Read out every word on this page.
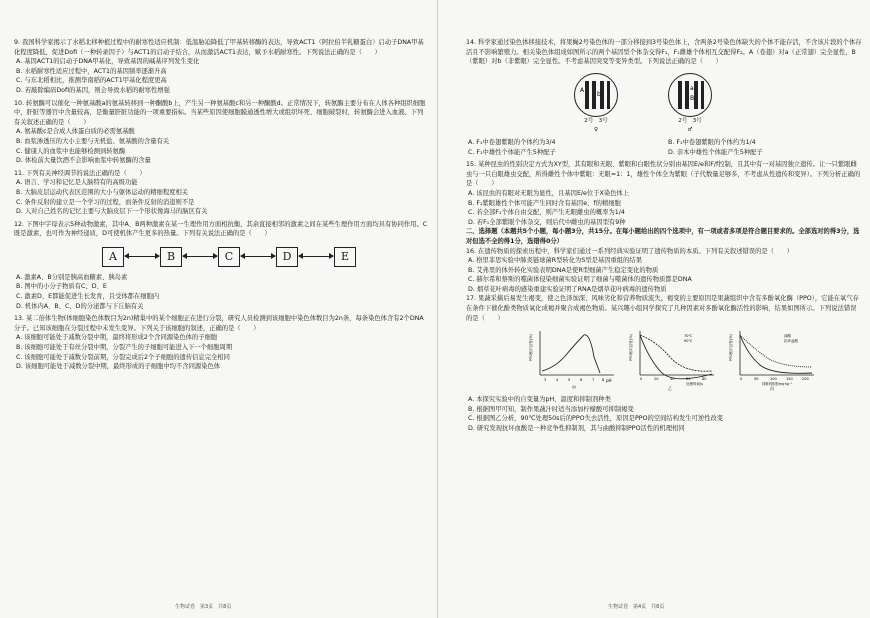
9. 我国科学家揭示了水稻北移种植过程中的耐寒性适应机制：低温胁迫降低了甲基转移酶的表达，导致ACT1（阿拉伯半乳糖蛋白）启动子DNA甲基化程度降低，促进DofI（一种转录因子）与ACT1的启动子结合，从而激活ACT1表达，赋予水稻耐寒性。下列说法正确的是（　　）

A. 基因ACT1的启动子DNA甲基化，导致基因的碱基序列发生变化

B. 水稻耐寒性适应过程中，ACT1的基因频率逐渐升高

C. 与东北稻相比，推测华南稻的ACT1甲基化程度更高

D. 若敲除编码DofI的基因，则会导致水稻的耐寒性增强

10. 转氨酶可以催化一种氨基酸a的氨基转移到一种酮酸b上，产生另一种氨基酸c和另一种酮酸d。正常情况下，转氨酶主要分布在人体各种组织细胞中，肝脏等器官中含量较高，是衡量肝脏功能的一项重要指标。当某些原因使细胞膜通透性增大或组织坏死、细胞破裂时，转氨酶会进入血液。下列有关叙述正确的是（　　）

A. 氨基酸c是合成人体蛋白质的必需氨基酸

B. 血浆渗透压的大小主要与无机盐、氨基酸的含量有关

C. 健康人的血浆中也能够检测到转氨酶

D. 体检前大量饮酒不会影响血浆中转氨酶的含量

11. 下列有关神经调节的说法正确的是（　　）

A. 语言、学习和记忆是人脑特有的高级功能

B. 大脑皮层运动代表区范围的大小与躯体运动的精细程度相关

C. 条件反射的建立是一个学习的过程，而条件反射的消退则不是

D. 人对自己姓名的记忆主要与大脑皮层下一个形状像海马的脑区有关

12. 下图中字母表示5种动物激素，其中A、B两种激素在某一生理作用方面相抗衡，其余直接相邻的激素之间在某些生理作用方面均具有协同作用。C既是激素，也可作为神经递质，D可使机体产生更多的热量。下列有关说法正确的是（　　）

A	B	C	D	E

A. 激素A、B分别是胰高血糖素、胰岛素

B. 图中的小分子物质有C、D、E

C. 激素D、E都能促进生长发育，且受体都在细胞内

D. 机体内A、B、C、D的分泌都与下丘脑有关

13. 某二倍体生物(体细胞染色体数目为2n)精巢中的某个细胞正在进行分裂，研究人员检测到该细胞中染色体数目为2n条，每条染色体含有2个DNA分子。已知该细胞在分裂过程中未发生变异。下列关于该细胞的叙述，正确的是（　　）

A. 该细胞可能处于减数分裂中期，最终将形成2个含同源染色体的子细胞

B. 该细胞可能处于有丝分裂中期，分裂产生的子细胞可能进入下一个细胞周期

C. 该细胞可能处于减数分裂前期，分裂完成后2个子细胞的遗传信息完全相同

D. 该细胞可能处于减数分裂中期，最终形成的子细胞中均不含同源染色体

生物试卷　第3页　共8页

14. 科学家通过染色体移接技术，将果蝇2号染色体的一部分移接到3号染色体上，含两条2号染色体缺失的个体不能存活，不含该片段的个体存活且不影响繁殖力。相关染色体组成如图所示的两个基因型个体杂交得F₁，F₁雌雄个体相互交配得F₂。A（卷翅）对a（正常翅）完全显性，B（紫眼）对b（非紫眼）完全显性。不考虑基因突变等变异类型。下列说法正确的是（　　）

A
b
2号　3号
♀
a
B
2号　3号
♂

A. F₁中卷翅紫眼的个体约为3/4	B. F₁中卷翅紫眼的个体约为1/4

C. F₁中雄性个体能产生5种配子	D. 亲本中雄性个体能产生5种配子

15. 某种昆虫的性别决定方式为XY型，其有眼和无眼、紫眼和白眼性状分别由基因E/e和F/f控制，且其中有一对基因独立遗传。让一只紫眼雌虫与一只白眼雄虫交配，所得雌性个体中紫眼：无眼=1：1，雄性个体全为紫眼（子代数量足够多，不考虑从性遗传和变异）。下列分析正确的是（　　）

A. 该昆虫的有眼对无眼为显性，且基因E/e位于X染色体上

B. F₁紫眼雄性个体可能产生同时含有基因e、f的精细胞

C. 若全部F₁个体自由交配，则产生无眼雌虫的概率为1/4

D. 若F₁全部紫眼个体杂交，则后代中雌虫的基因型有9种

二、选择题（本题共5个小题，每小题3分，共15分。在每小题给出的四个选项中，有一项或者多项是符合题目要求的。全部选对的得3分，选对但选不全的得1分，选错得0分）

16. 在遗传物质的探索历程中，科学家们通过一系列经典实验证明了遗传物质的本质。下列有关叙述错误的是（　　）

A. 格里菲思实验中肺炎链球菌R型转化为S型是基因重组的结果

B. 艾弗里的体外转化实验表明DNA是使R型细菌产生稳定变化的物质

C. 赫尔希和蔡斯的噬菌体侵染细菌实验证明了细菌与噬菌体的遗传物质都是DNA

D. 烟草花叶病毒的感染重建实验证明了RNA是烟草花叶病毒的遗传物质

17. 果蔬采摘后易发生褐变，使之色泽加深、风味劣化和营养物质流失。褐变的主要原因是果蔬组织中含有多酚氧化酶（PPO），它能在氧气存在条件下催化酚类物质氧化成褐并聚合成褐色物质。某兴趣小组同学探究了几种因素对多酚氧化酶活性的影响，结果如图所示。下列说法错误的是（　　）

PPO相对活性(%)
pH
甲
3	4	5	6	7 8
PPO相对活性(%)	70℃
90℃
处理时间/s
乙
0	20	40	60	80
PPO相对活性(%)	曲酸
抗坏血酸
抑制剂浓度/mg·kg⁻¹
丙
0	50	100	150	200

A. 本探究实验中的自变量为pH、温度和抑制剂种类

B. 根据图甲可知，制作果蔬汁时适当添加柠檬酸可抑制褐变

C. 根据图乙分析，90℃处理50s后的PPO失去活性，原因是PPO的空间结构发生可逆性改变

D. 研究发现抗坏血酸是一种竞争性抑制剂，其与曲酸抑制PPO活性的机理相同

生物试卷　第4页　共8页
